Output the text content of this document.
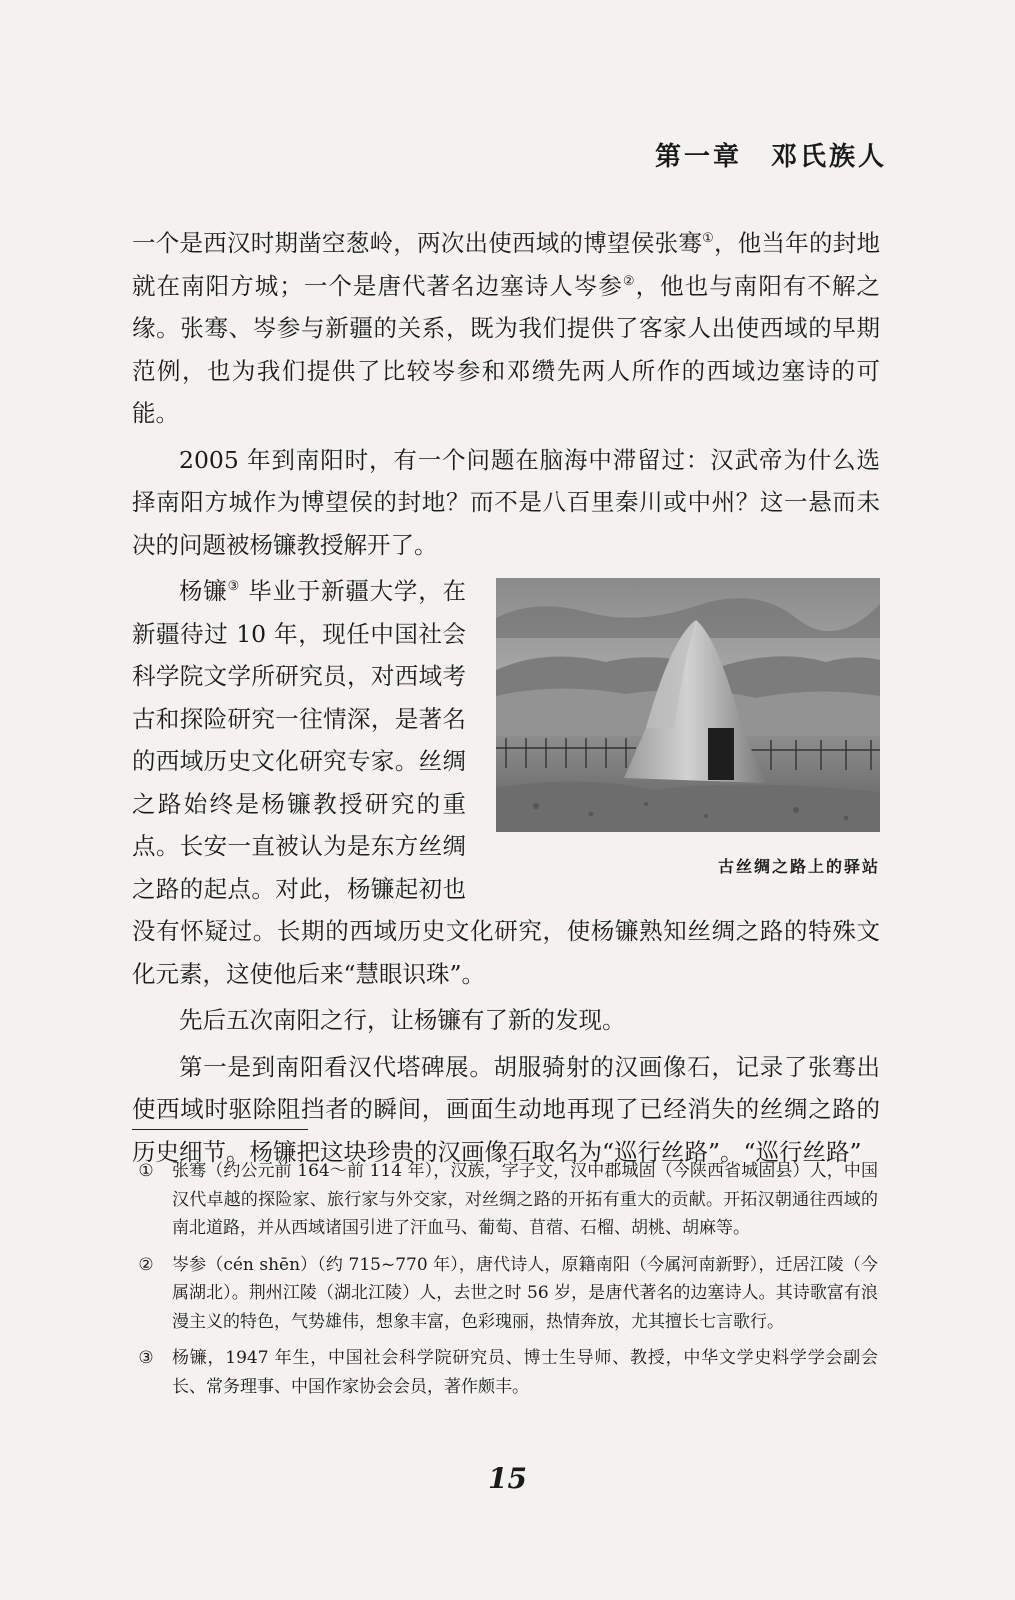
第一章　邓氏族人

一个是西汉时期凿空葱岭，两次出使西域的博望侯张骞①，他当年的封地就在南阳方城；一个是唐代著名边塞诗人岑参②，他也与南阳有不解之缘。张骞、岑参与新疆的关系，既为我们提供了客家人出使西域的早期范例，也为我们提供了比较岑参和邓缵先两人所作的西域边塞诗的可能。

2005 年到南阳时，有一个问题在脑海中滞留过：汉武帝为什么选择南阳方城作为博望侯的封地？而不是八百里秦川或中州？这一悬而未决的问题被杨镰教授解开了。

古丝绸之路上的驿站

杨镰③ 毕业于新疆大学，在新疆待过 10 年，现任中国社会科学院文学所研究员，对西域考古和探险研究一往情深，是著名的西域历史文化研究专家。丝绸之路始终是杨镰教授研究的重点。长安一直被认为是东方丝绸之路的起点。对此，杨镰起初也没有怀疑过。长期的西域历史文化研究，使杨镰熟知丝绸之路的特殊文化元素，这使他后来“慧眼识珠”。

先后五次南阳之行，让杨镰有了新的发现。

第一是到南阳看汉代塔碑展。胡服骑射的汉画像石，记录了张骞出使西域时驱除阻挡者的瞬间，画面生动地再现了已经消失的丝绸之路的历史细节。杨镰把这块珍贵的汉画像石取名为“巡行丝路”。“巡行丝路”

①	张骞（约公元前 164～前 114 年），汉族，字子文，汉中郡城固（今陕西省城固县）人，中国汉代卓越的探险家、旅行家与外交家，对丝绸之路的开拓有重大的贡献。开拓汉朝通往西域的南北道路，并从西域诸国引进了汗血马、葡萄、苜蓿、石榴、胡桃、胡麻等。
②	岑参（cén shēn）（约 715~770 年），唐代诗人，原籍南阳（今属河南新野），迁居江陵（今属湖北）。荆州江陵（湖北江陵）人，去世之时 56 岁，是唐代著名的边塞诗人。其诗歌富有浪漫主义的特色，气势雄伟，想象丰富，色彩瑰丽，热情奔放，尤其擅长七言歌行。
③	杨镰，1947 年生，中国社会科学院研究员、博士生导师、教授，中华文学史料学学会副会长、常务理事、中国作家协会会员，著作颇丰。
15
